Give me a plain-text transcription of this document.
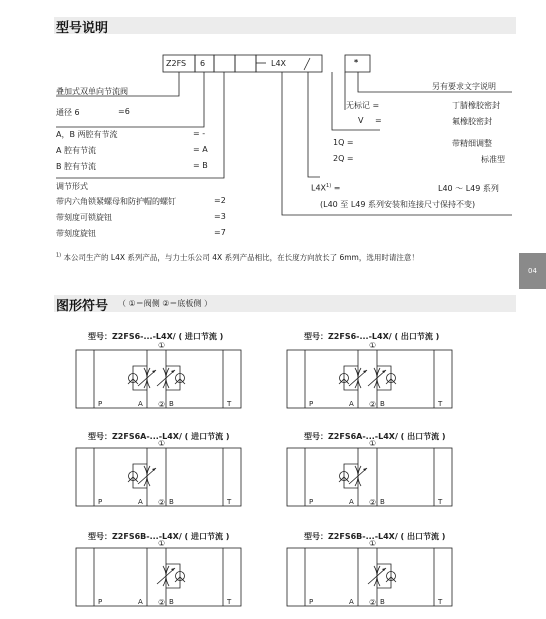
型号说明
Z2FS 6	L4X	*
叠加式双单向节流阀
通径 6	=6
A，B 两腔有节流	= -
A 腔有节流	= A
B 腔有节流	= B
调节形式
带内六角锁紧螺母和防护帽的螺钉	=2
带刻度可锁旋钮	=3
带刻度旋钮	=7
另有要求文字说明
无标记 =	丁腈橡胶密封
V =	氟橡胶密封
1Q =	带精细调整
2Q =	标准型
$L4X^{1)}$ =	L40 ～ L49 系列
(L40 至 L49 系列安装和连接尺寸保持不变)
$^{1)}$ 本公司生产的 L4X 系列产品，与力士乐公司 4X 系列产品相比，在长度方向放长了 6mm，选用时请注意！
04
图形符号 （ ①＝阀侧 ②＝底板侧 ）
型号：Z2FS6-...-L4X/ ( 进口节流 )	型号：Z2FS6-...-L4X/ ( 出口节流 )
型号：Z2FS6A-...-L4X/ ( 进口节流 )	型号：Z2FS6A-...-L4X/ ( 出口节流 )
型号：Z2FS6B-...-L4X/ ( 进口节流 )	型号：Z2FS6B-...-L4X/ ( 出口节流 )
①
②
P	A	B	T
①
②
P	A	B	T
①
②
P	A	B	T
①
②
P	A	B	T
①
②
P	A	B	T
①
②
P	A	B	T
